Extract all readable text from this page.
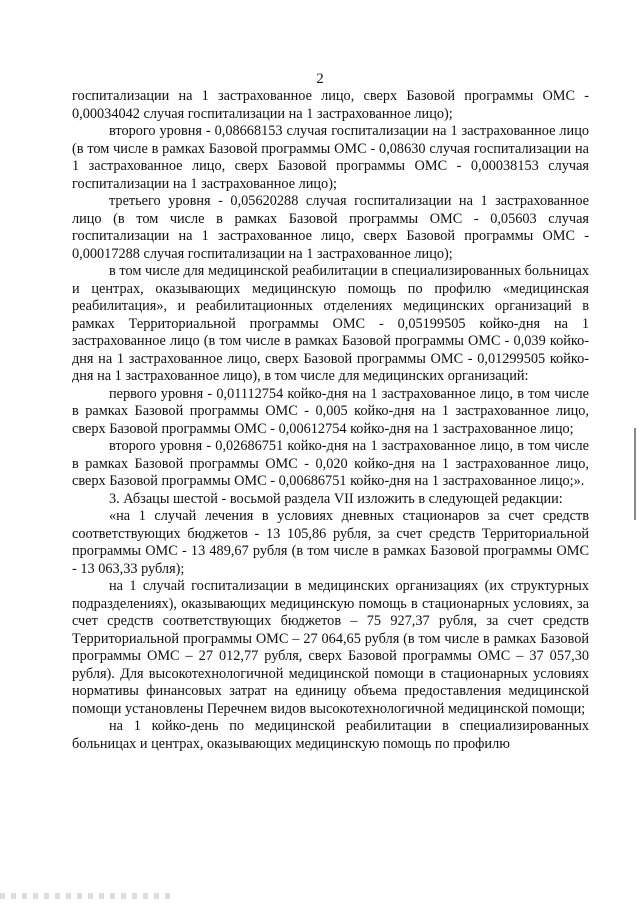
2

госпитализации на 1 застрахованное лицо, сверх Базовой программы ОМС - 0,00034042 случая госпитализации на 1 застрахованное лицо);

второго уровня - 0,08668153 случая госпитализации на 1 застрахованное лицо (в том числе в рамках Базовой программы ОМС - 0,08630 случая госпитализации на 1 застрахованное лицо, сверх Базовой программы ОМС - 0,00038153 случая госпитализации на 1 застрахованное лицо);

третьего уровня - 0,05620288 случая госпитализации на 1 застрахованное лицо (в том числе в рамках Базовой программы ОМС - 0,05603 случая госпитализации на 1 застрахованное лицо, сверх Базовой программы ОМС - 0,00017288 случая госпитализации на 1 застрахованное лицо);

в том числе для медицинской реабилитации в специализированных больницах и центрах, оказывающих медицинскую помощь по профилю «медицинская реабилитация», и реабилитационных отделениях медицинских организаций в рамках Территориальной программы ОМС - 0,05199505 койко-дня на 1 застрахованное лицо (в том числе в рамках Базовой программы ОМС - 0,039 койко-дня на 1 застрахованное лицо, сверх Базовой программы ОМС - 0,01299505 койко-дня на 1 застрахованное лицо), в том числе для медицинских организаций:

первого уровня - 0,01112754 койко-дня на 1 застрахованное лицо, в том числе в рамках Базовой программы ОМС - 0,005 койко-дня на 1 застрахованное лицо, сверх Базовой программы ОМС - 0,00612754 койко-дня на 1 застрахованное лицо;

второго уровня - 0,02686751 койко-дня на 1 застрахованное лицо, в том числе в рамках Базовой программы ОМС - 0,020 койко-дня на 1 застрахованное лицо, сверх Базовой программы ОМС - 0,00686751 койко-дня на 1 застрахованное лицо;».

3. Абзацы шестой - восьмой раздела VII изложить в следующей редакции:

«на 1 случай лечения в условиях дневных стационаров за счет средств соответствующих бюджетов - 13 105,86 рубля, за счет средств Территориальной программы ОМС - 13 489,67 рубля (в том числе в рамках Базовой программы ОМС - 13 063,33 рубля);

на 1 случай госпитализации в медицинских организациях (их структурных подразделениях), оказывающих медицинскую помощь в стационарных условиях, за счет средств соответствующих бюджетов – 75 927,37 рубля, за счет средств Территориальной программы ОМС – 27 064,65 рубля (в том числе в рамках Базовой программы ОМС – 27 012,77 рубля, сверх Базовой программы ОМС – 37 057,30 рубля). Для высокотехнологичной медицинской помощи в стационарных условиях нормативы финансовых затрат на единицу объема предоставления медицинской помощи установлены Перечнем видов высокотехнологичной медицинской помощи;

на 1 койко-день по медицинской реабилитации в специализированных больницах и центрах, оказывающих медицинскую помощь по профилю
